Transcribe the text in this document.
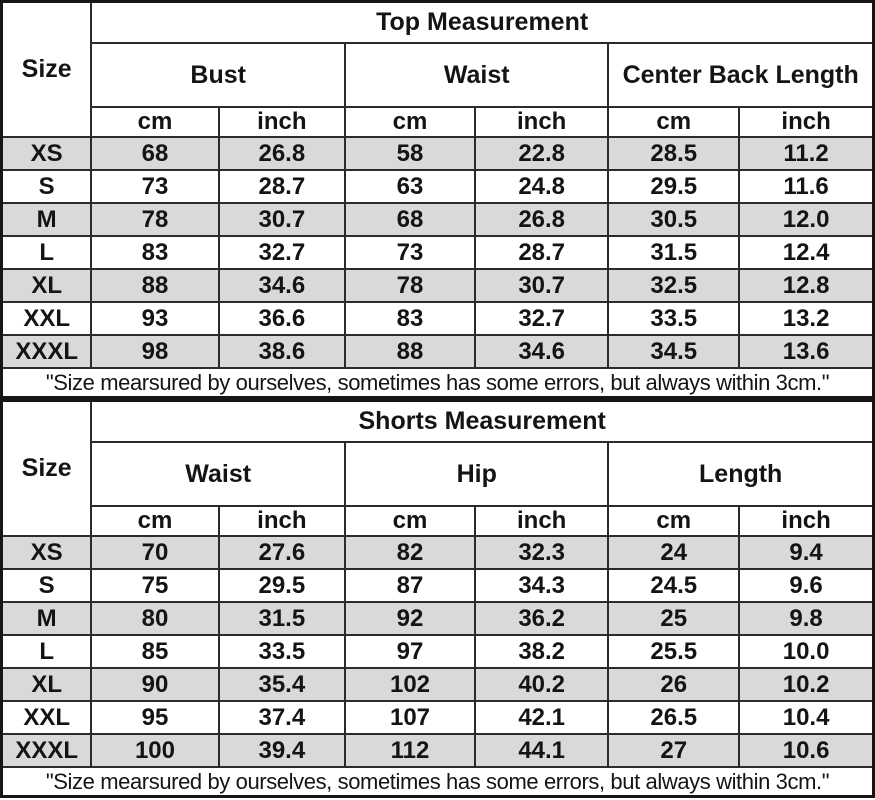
Size	Top Measurement					
	Bust		Waist		Center Back Length	
	cm	inch	cm	inch	cm	inch
XS	68	26.8	58	22.8	28.5	11.2
S	73	28.7	63	24.8	29.5	11.6
M	78	30.7	68	26.8	30.5	12.0
L	83	32.7	73	28.7	31.5	12.4
XL	88	34.6	78	30.7	32.5	12.8
XXL	93	36.6	83	32.7	33.5	13.2
XXXL	98	38.6	88	34.6	34.5	13.6
"Size mearsured by ourselves, sometimes has some errors, but always within 3cm."						
Size	Shorts Measurement					
	Waist		Hip		Length	
	cm	inch	cm	inch	cm	inch
XS	70	27.6	82	32.3	24	9.4
S	75	29.5	87	34.3	24.5	9.6
M	80	31.5	92	36.2	25	9.8
L	85	33.5	97	38.2	25.5	10.0
XL	90	35.4	102	40.2	26	10.2
XXL	95	37.4	107	42.1	26.5	10.4
XXXL	100	39.4	112	44.1	27	10.6
"Size mearsured by ourselves, sometimes has some errors, but always within 3cm."						
